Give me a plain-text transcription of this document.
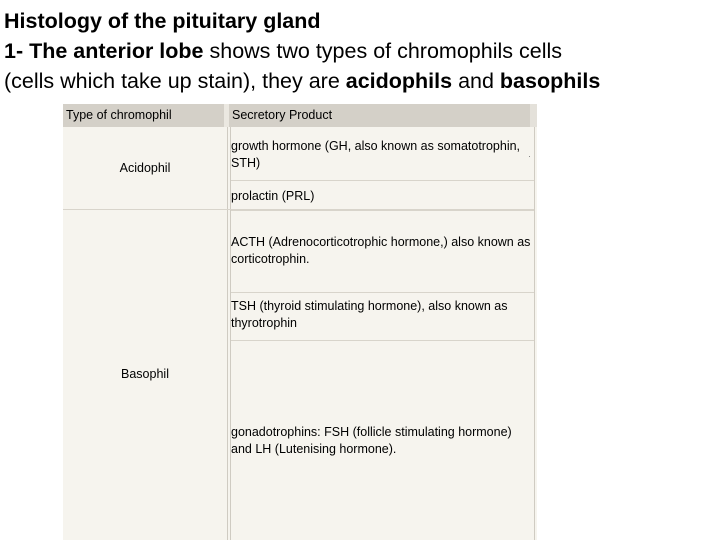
Histology of the pituitary gland
1- The anterior lobe shows two types of chromophils cells
(cells which take up stain), they are acidophils and basophils
Type of chromophil	Secretory Product
Acidophil
growth hormone (GH, also known as somatotrophin, STH)	·
prolactin (PRL)
Basophil
ACTH (Adrenocorticotrophic hormone,) also known as corticotrophin.
TSH (thyroid stimulating hormone), also known as thyrotrophin
gonadotrophins: FSH (follicle stimulating hormone) and LH (Lutenising hormone).
